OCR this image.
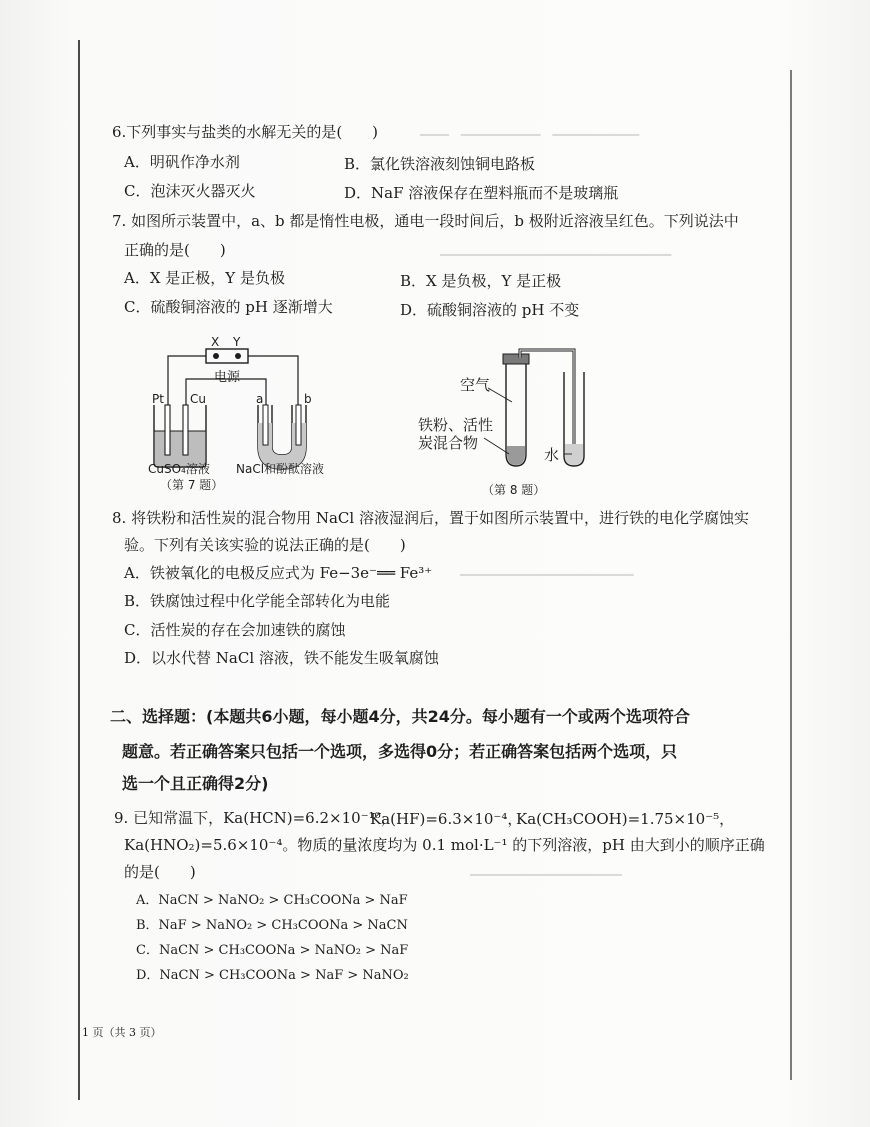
━━━━　━━━━━━━━━━━　━━━━━━━━━━━━
━━━━━━━━━━━━━━━━━━━━━━━━━━━━━━━━
━━━━━━━━━━━━━━━━━━━━━━━━
━━━━━━━━━━━━━━━━━━━━━
6.下列事实与盐类的水解无关的是(　　)
A．明矾作净水剂	B．氯化铁溶液刻蚀铜电路板
C．泡沫灭火器灭火	D．NaF 溶液保存在塑料瓶而不是玻璃瓶
7. 如图所示装置中，a、b 都是惰性电极，通电一段时间后，b 极附近溶液呈红色。下列说法中
正确的是(　　)
A．X 是正极，Y 是负极	B．X 是负极，Y 是正极
C．硫酸铜溶液的 pH 逐渐增大	D．硫酸铜溶液的 pH 不变
X Y
电源
Pt Cu	a	b
CuSO₄溶液 NaCl和酚酞溶液
（第 7 题）
空气
铁粉、活性
炭混合物
水
（第 8 题）
8. 将铁粉和活性炭的混合物用 NaCl 溶液湿润后，置于如图所示装置中，进行铁的电化学腐蚀实
验。下列有关该实验的说法正确的是(　　)
A．铁被氧化的电极反应式为 Fe−3e⁻══ Fe³⁺
B．铁腐蚀过程中化学能全部转化为电能
C．活性炭的存在会加速铁的腐蚀
D．以水代替 NaCl 溶液，铁不能发生吸氧腐蚀
二、选择题：(本题共6小题，每小题4分，共24分。每小题有一个或两个选项符合
题意。若正确答案只包括一个选项，多选得0分；若正确答案包括两个选项，只
选一个且正确得2分)
9. 已知常温下，Ka(HCN)=6.2×10⁻¹⁰，
Ka(HF)=6.3×10⁻⁴，
Ka(CH₃COOH)=1.75×10⁻⁵，
Ka(HNO₂)=5.6×10⁻⁴。物质的量浓度均为 0.1 mol·L⁻¹ 的下列溶液，pH 由大到小的顺序正确
的是(　　)
A．NaCN > NaNO₂ > CH₃COONa > NaF
B．NaF > NaNO₂ > CH₃COONa > NaCN
C．NaCN > CH₃COONa > NaNO₂ > NaF
D．NaCN > CH₃COONa > NaF > NaNO₂
1 页（共 3 页）
